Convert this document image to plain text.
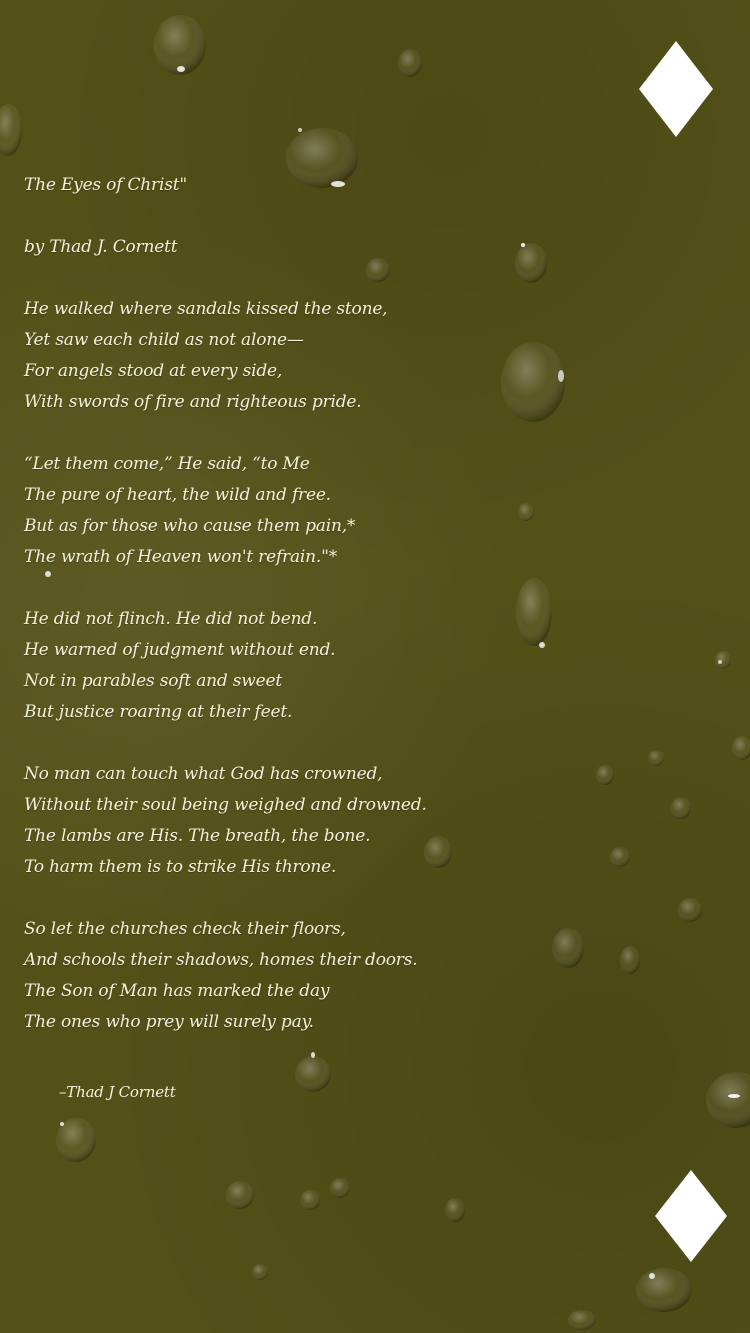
The Eyes of Christ"

by Thad J. Cornett

He walked where sandals kissed the stone,

Yet saw each child as not alone—

For angels stood at every side,

With swords of fire and righteous pride.

“Let them come,” He said, “to Me

The pure of heart, the wild and free.

But as for those who cause them pain,*

The wrath of Heaven won't refrain."*

He did not flinch. He did not bend.

He warned of judgment without end.

Not in parables soft and sweet

But justice roaring at their feet.

No man can touch what God has crowned,

Without their soul being weighed and drowned.

The lambs are His. The breath, the bone.

To harm them is to strike His throne.

So let the churches check their floors,

And schools their shadows, homes their doors.

The Son of Man has marked the day

The ones who prey will surely pay.

–Thad J Cornett
